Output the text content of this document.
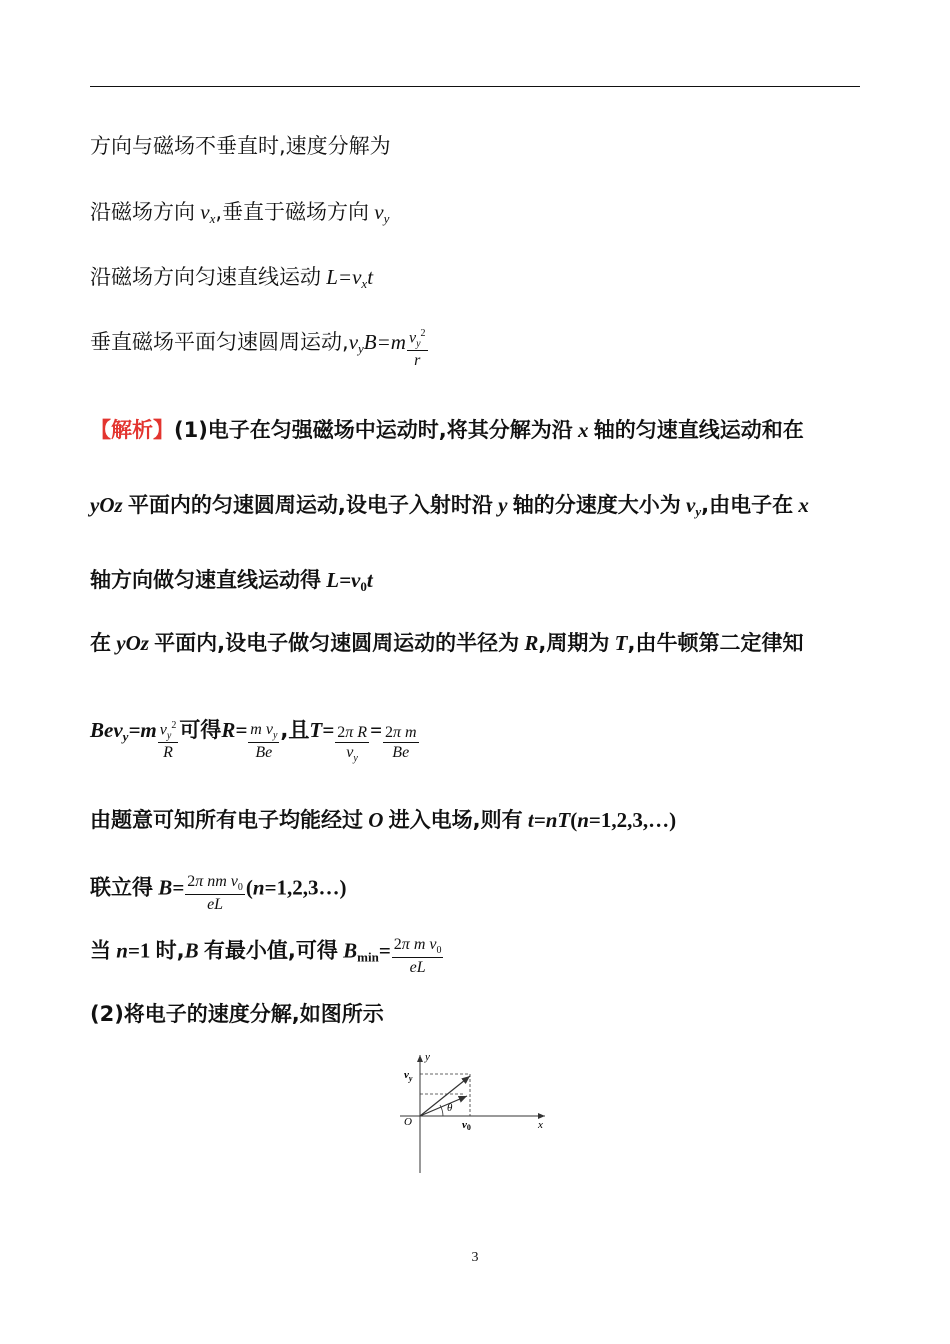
方向与磁场不垂直时,速度分解为
沿磁场方向 $v_x$,垂直于磁场方向 $v_y$
沿磁场方向匀速直线运动 $L=v_xt$
垂直磁场平面匀速圆周运动$,v_yB=m \frac{v_y^2}{r}$
【解析】(1)电子在匀强磁场中运动时,将其分解为沿 x 轴的匀速直线运动和在
yOz 平面内的匀速圆周运动,设电子入射时沿 y 轴的分速度大小为 $v_y$,由电子在 x
轴方向做匀速直线运动得 $L=v_0t$
在 yOz 平面内,设电子做匀速圆周运动的半径为 R,周期为 T,由牛顿第二定律知
$Bev_y=m \frac{v_y^2}{R}$ 可得$R= \frac{m v_y}{Be}$ ,且$T= \frac{\text{2π R}}{v_y} = \frac{\text{2π m}}{Be}$
由题意可知所有电子均能经过 O 进入电场,则有 t=nT(n=1,2,3,…)
联立得 $B= \frac{2\pi nm v_0}{eL}$ (n=1,2,3…)
当 n=1 时,B 有最小值,可得 $B_{min}= \frac{2\pi m v_0}{eL}$
(2)将电子的速度分解,如图所示
$v_y$
y
O
θ
v0	x
3
